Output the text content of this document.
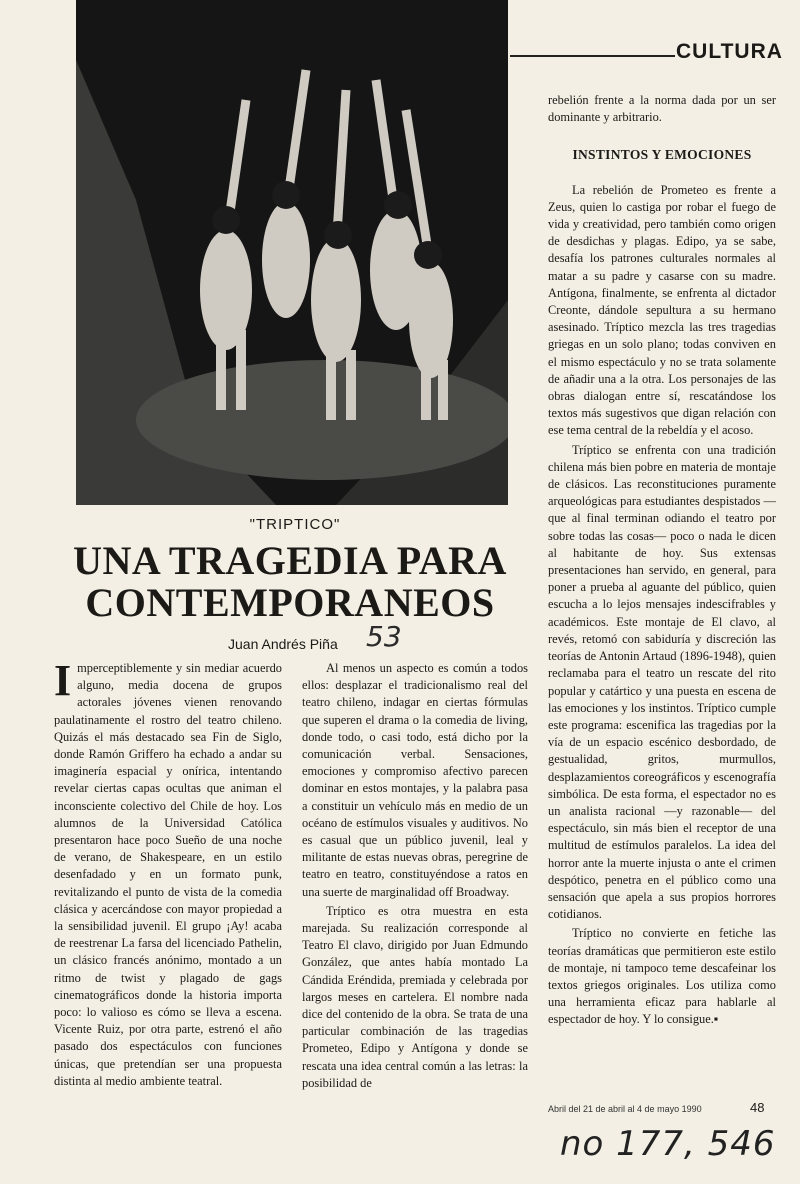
CULTURA
"TRIPTICO"
UNA TRAGEDIA PARA CONTEMPORANEOS
Juan Andrés Piña 53

Imperceptiblemente y sin mediar acuerdo alguno, media docena de grupos actorales jóvenes vienen renovando paulatinamente el rostro del teatro chileno. Quizás el más destacado sea Fin de Siglo, donde Ramón Griffero ha echado a andar su imaginería espacial y onírica, intentando revelar ciertas capas ocultas que animan el inconsciente colectivo del Chile de hoy. Los alumnos de la Universidad Católica presentaron hace poco Sueño de una noche de verano, de Shakespeare, en un estilo desenfadado y en un formato punk, revitalizando el punto de vista de la comedia clásica y acercándose con mayor propiedad a la sensibilidad juvenil. El grupo ¡Ay! acaba de reestrenar La farsa del licenciado Pathelin, un clásico francés anónimo, montado a un ritmo de twist y plagado de gags cinematográficos donde la historia importa poco: lo valioso es cómo se lleva a escena. Vicente Ruiz, por otra parte, estrenó el año pasado dos espectáculos con funciones únicas, que pretendían ser una propuesta distinta al medio ambiente teatral.

Al menos un aspecto es común a todos ellos: desplazar el tradicionalismo real del teatro chileno, indagar en ciertas fórmulas que superen el drama o la comedia de living, donde todo, o casi todo, está dicho por la comunicación verbal. Sensaciones, emociones y compromiso afectivo parecen dominar en estos montajes, y la palabra pasa a constituir un vehículo más en medio de un océano de estímulos visuales y auditivos. No es casual que un público juvenil, leal y militante de estas nuevas obras, peregrine de teatro en teatro, constituyéndose a ratos en una suerte de marginalidad off Broadway.

Tríptico es otra muestra en esta marejada. Su realización corresponde al Teatro El clavo, dirigido por Juan Edmundo González, que antes había montado La Cándida Eréndida, premiada y celebrada por largos meses en cartelera. El nombre nada dice del contenido de la obra. Se trata de una particular combinación de las tragedias Prometeo, Edipo y Antígona y donde se rescata una idea central común a las letras: la posibilidad de

rebelión frente a la norma dada por un ser dominante y arbitrario.

INSTINTOS Y EMOCIONES

La rebelión de Prometeo es frente a Zeus, quien lo castiga por robar el fuego de vida y creatividad, pero también como origen de desdichas y plagas. Edipo, ya se sabe, desafía los patrones culturales normales al matar a su padre y casarse con su madre. Antígona, finalmente, se enfrenta al dictador Creonte, dándole sepultura a su hermano asesinado. Tríptico mezcla las tres tragedias griegas en un solo plano; todas conviven en el mismo espectáculo y no se trata solamente de añadir una a la otra. Los personajes de las obras dialogan entre sí, rescatándose los textos más sugestivos que digan relación con ese tema central de la rebeldía y el acoso.

Tríptico se enfrenta con una tradición chilena más bien pobre en materia de montaje de clásicos. Las reconstituciones puramente arqueológicas para estudiantes despistados —que al final terminan odiando el teatro por sobre todas las cosas— poco o nada le dicen al habitante de hoy. Sus extensas presentaciones han servido, en general, para poner a prueba al aguante del público, quien escucha a lo lejos mensajes indescifrables y académicos. Este montaje de El clavo, al revés, retomó con sabiduría y discreción las teorías de Antonin Artaud (1896-1948), quien reclamaba para el teatro un rescate del rito popular y catártico y una puesta en escena de las emociones y los instintos. Tríptico cumple este programa: escenifica las tragedias por la vía de un espacio escénico desbordado, de gestualidad, gritos, murmullos, desplazamientos coreográficos y escenografía simbólica. De esta forma, el espectador no es un analista racional —y razonable— del espectáculo, sin más bien el receptor de una multitud de estímulos paralelos. La idea del horror ante la muerte injusta o ante el crimen despótico, penetra en el público como una sensación que apela a sus propios horrores cotidianos.

Tríptico no convierte en fetiche las teorías dramáticas que permitieron este estilo de montaje, ni tampoco teme descafeinar los textos griegos originales. Los utiliza como una herramienta eficaz para hablarle al espectador de hoy. Y lo consigue.▪

Abril del 21 de abril al 4 de mayo 1990	48
no 177, 546
